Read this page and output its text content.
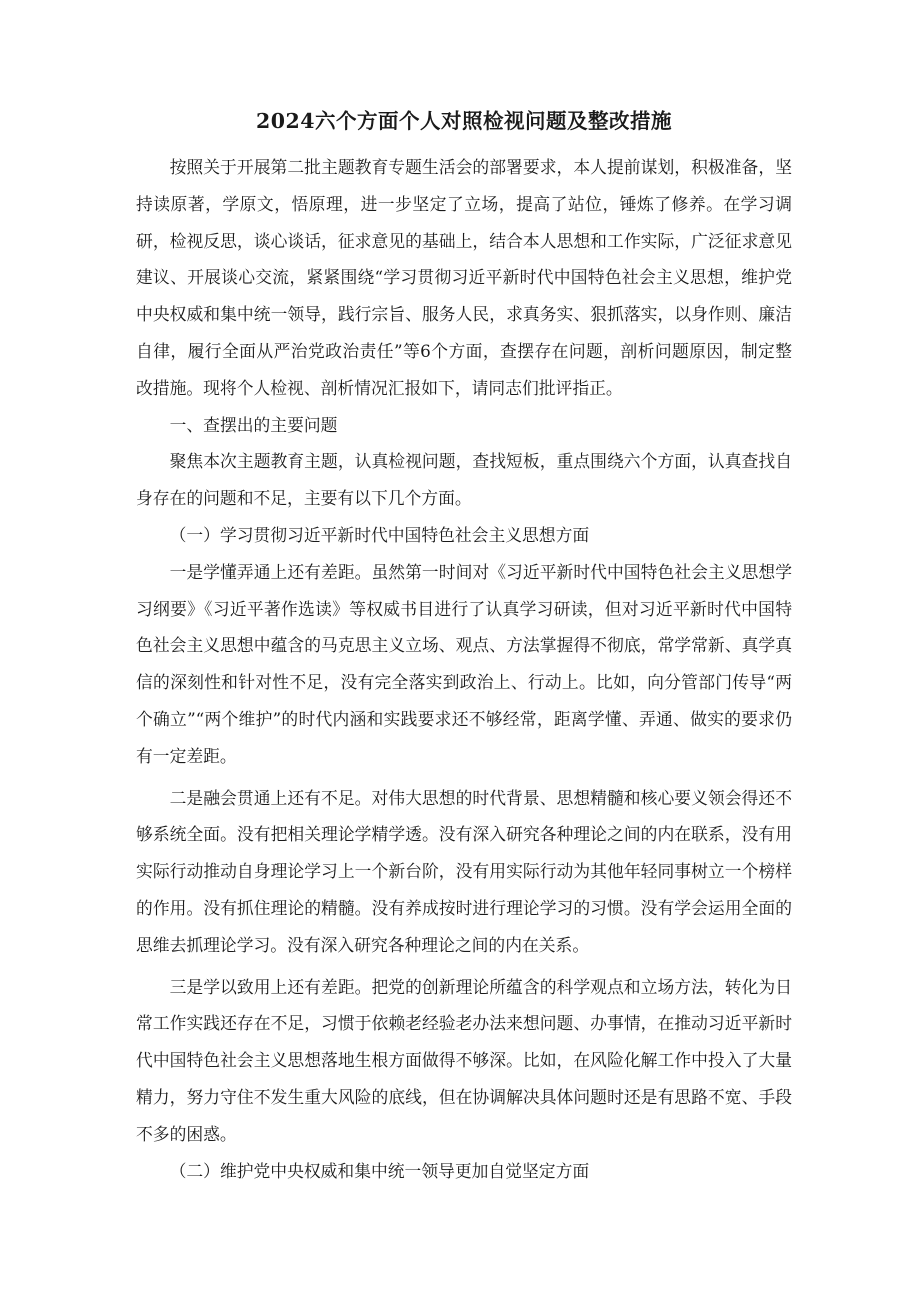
2024六个方面个人对照检视问题及整改措施

按照关于开展第二批主题教育专题生活会的部署要求，本人提前谋划，积极准备，坚持读原著，学原文，悟原理，进一步坚定了立场，提高了站位，锤炼了修养。在学习调研，检视反思，谈心谈话，征求意见的基础上，结合本人思想和工作实际，广泛征求意见建议、开展谈心交流，紧紧围绕“学习贯彻习近平新时代中国特色社会主义思想，维护党中央权威和集中统一领导，践行宗旨、服务人民，求真务实、狠抓落实，以身作则、廉洁自律，履行全面从严治党政治责任”等6个方面，查摆存在问题，剖析问题原因，制定整改措施。现将个人检视、剖析情况汇报如下，请同志们批评指正。

一、查摆出的主要问题

聚焦本次主题教育主题，认真检视问题，查找短板，重点围绕六个方面，认真查找自身存在的问题和不足，主要有以下几个方面。

（一）学习贯彻习近平新时代中国特色社会主义思想方面

一是学懂弄通上还有差距。虽然第一时间对《习近平新时代中国特色社会主义思想学习纲要》《习近平著作选读》等权威书目进行了认真学习研读，但对习近平新时代中国特色社会主义思想中蕴含的马克思主义立场、观点、方法掌握得不彻底，常学常新、真学真信的深刻性和针对性不足，没有完全落实到政治上、行动上。比如，向分管部门传导“两个确立”“两个维护”的时代内涵和实践要求还不够经常，距离学懂、弄通、做实的要求仍有一定差距。

二是融会贯通上还有不足。对伟大思想的时代背景、思想精髓和核心要义领会得还不够系统全面。没有把相关理论学精学透。没有深入研究各种理论之间的内在联系，没有用实际行动推动自身理论学习上一个新台阶，没有用实际行动为其他年轻同事树立一个榜样的作用。没有抓住理论的精髓。没有养成按时进行理论学习的习惯。没有学会运用全面的思维去抓理论学习。没有深入研究各种理论之间的内在关系。

三是学以致用上还有差距。把党的创新理论所蕴含的科学观点和立场方法，转化为日常工作实践还存在不足，习惯于依赖老经验老办法来想问题、办事情，在推动习近平新时代中国特色社会主义思想落地生根方面做得不够深。比如，在风险化解工作中投入了大量精力，努力守住不发生重大风险的底线，但在协调解决具体问题时还是有思路不宽、手段不多的困惑。

（二）维护党中央权威和集中统一领导更加自觉坚定方面
